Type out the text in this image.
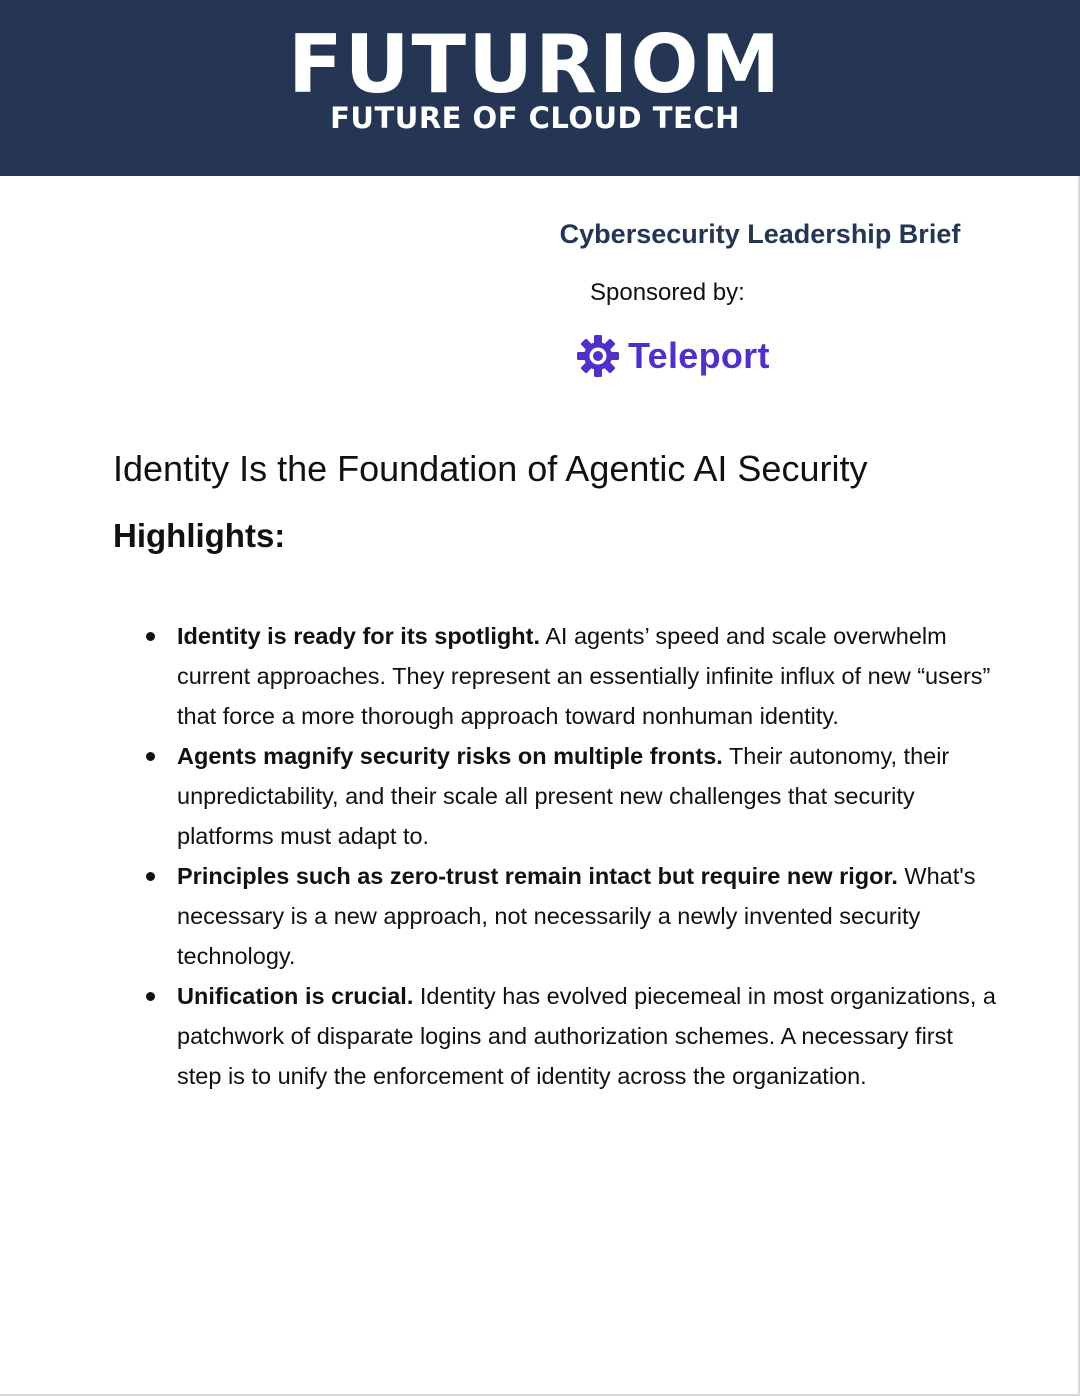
FUTURIOM
FUTURE OF CLOUD TECH
Cybersecurity Leadership Brief
Sponsored by:
Teleport
Identity Is the Foundation of Agentic AI Security
Highlights:
Identity is ready for its spotlight. AI agents’ speed and scale overwhelm current approaches. They represent an essentially infinite influx of new “users” that force a more thorough approach toward nonhuman identity.
Agents magnify security risks on multiple fronts. Their autonomy, their unpredictability, and their scale all present new challenges that security platforms must adapt to.
Principles such as zero-trust remain intact but require new rigor. What's necessary is a new approach, not necessarily a newly invented security technology.
Unification is crucial. Identity has evolved piecemeal in most organizations, a patchwork of disparate logins and authorization schemes. A necessary first step is to unify the enforcement of identity across the organization.
